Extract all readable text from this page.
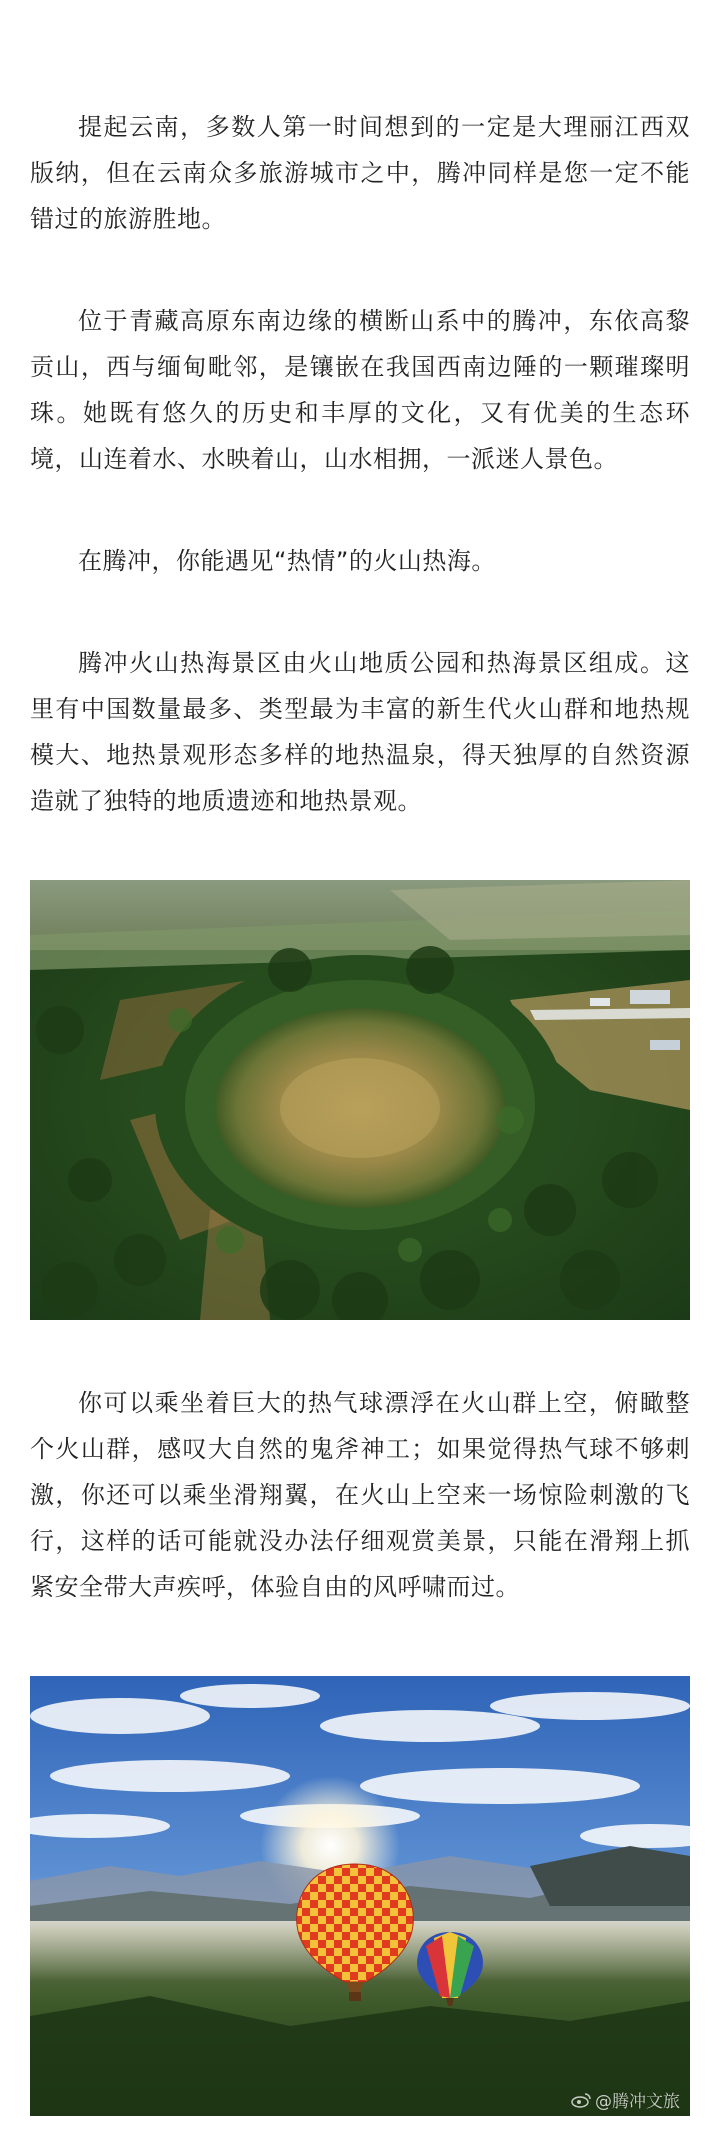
提起云南，多数人第一时间想到的一定是大理丽江西双版纳，但在云南众多旅游城市之中，腾冲同样是您一定不能错过的旅游胜地。

位于青藏高原东南边缘的横断山系中的腾冲，东依高黎贡山，西与缅甸毗邻，是镶嵌在我国西南边陲的一颗璀璨明珠。她既有悠久的历史和丰厚的文化，又有优美的生态环境，山连着水、水映着山，山水相拥，一派迷人景色。

在腾冲，你能遇见“热情”的火山热海。

腾冲火山热海景区由火山地质公园和热海景区组成。这里有中国数量最多、类型最为丰富的新生代火山群和地热规模大、地热景观形态多样的地热温泉，得天独厚的自然资源造就了独特的地质遗迹和地热景观。

你可以乘坐着巨大的热气球漂浮在火山群上空，俯瞰整个火山群，感叹大自然的鬼斧神工；如果觉得热气球不够刺激，你还可以乘坐滑翔翼，在火山上空来一场惊险刺激的飞行，这样的话可能就没办法仔细观赏美景，只能在滑翔上抓紧安全带大声疾呼，体验自由的风呼啸而过。

@腾冲文旅
